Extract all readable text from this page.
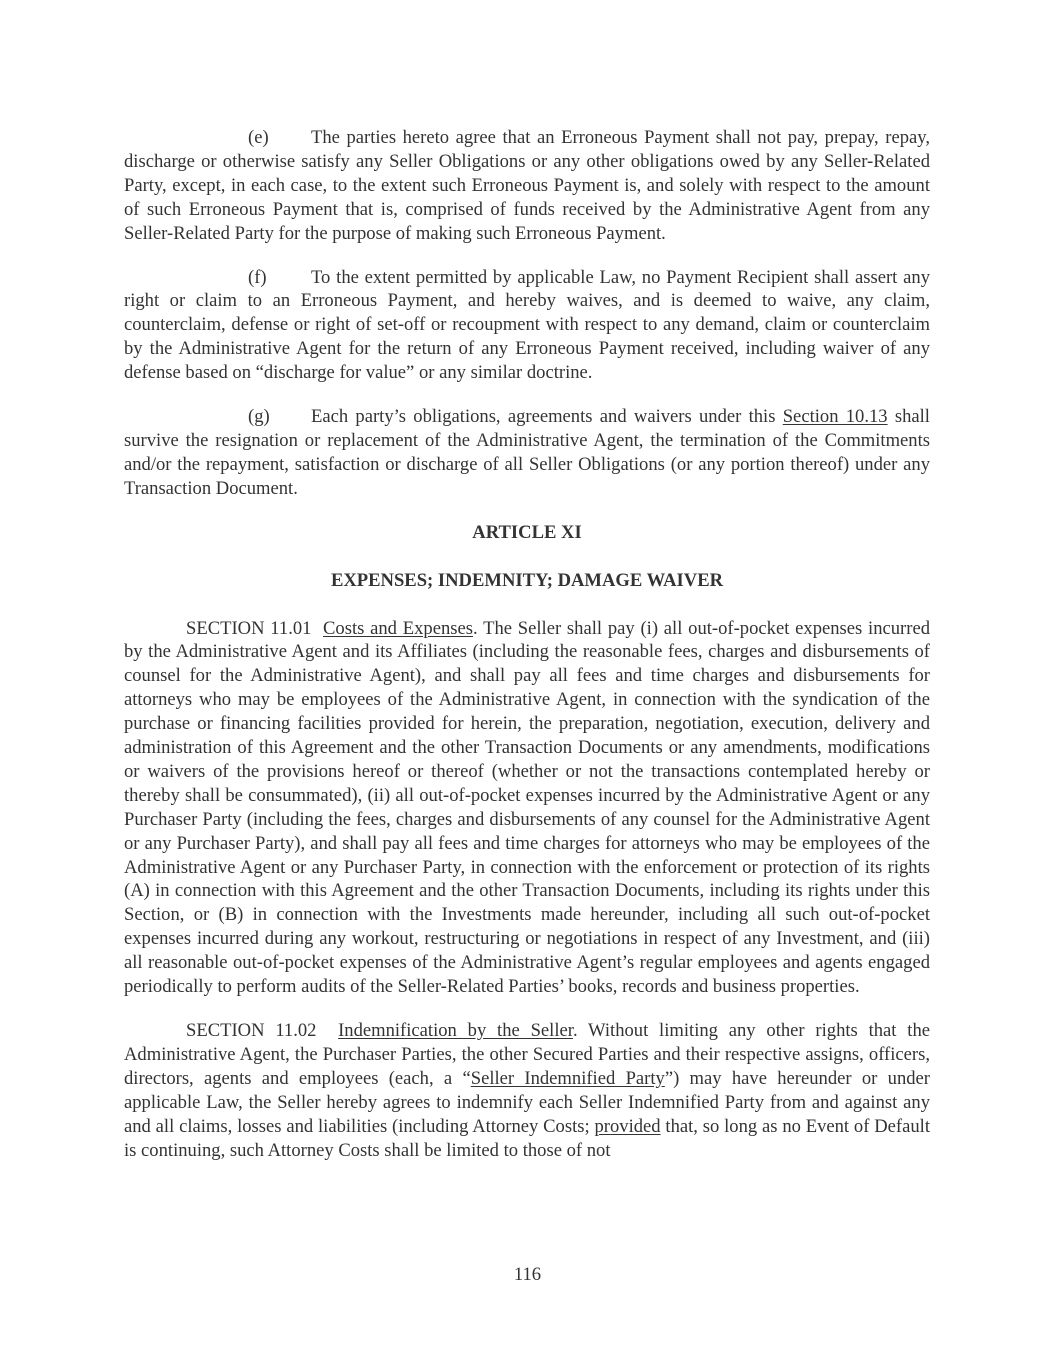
(e) The parties hereto agree that an Erroneous Payment shall not pay, prepay, repay, discharge or otherwise satisfy any Seller Obligations or any other obligations owed by any Seller-Related Party, except, in each case, to the extent such Erroneous Payment is, and solely with respect to the amount of such Erroneous Payment that is, comprised of funds received by the Administrative Agent from any Seller-Related Party for the purpose of making such Erroneous Payment.

(f) To the extent permitted by applicable Law, no Payment Recipient shall assert any right or claim to an Erroneous Payment, and hereby waives, and is deemed to waive, any claim, counterclaim, defense or right of set-off or recoupment with respect to any demand, claim or counterclaim by the Administrative Agent for the return of any Erroneous Payment received, including waiver of any defense based on “discharge for value” or any similar doctrine.

(g) Each party’s obligations, agreements and waivers under this Section 10.13 shall survive the resignation or replacement of the Administrative Agent, the termination of the Commitments and/or the repayment, satisfaction or discharge of all Seller Obligations (or any portion thereof) under any Transaction Document.

ARTICLE XI
EXPENSES; INDEMNITY; DAMAGE WAIVER

SECTION 11.01 Costs and Expenses. The Seller shall pay (i) all out-of-pocket expenses incurred by the Administrative Agent and its Affiliates (including the reasonable fees, charges and disbursements of counsel for the Administrative Agent), and shall pay all fees and time charges and disbursements for attorneys who may be employees of the Administrative Agent, in connection with the syndication of the purchase or financing facilities provided for herein, the preparation, negotiation, execution, delivery and administration of this Agreement and the other Transaction Documents or any amendments, modifications or waivers of the provisions hereof or thereof (whether or not the transactions contemplated hereby or thereby shall be consummated), (ii) all out-of-pocket expenses incurred by the Administrative Agent or any Purchaser Party (including the fees, charges and disbursements of any counsel for the Administrative Agent or any Purchaser Party), and shall pay all fees and time charges for attorneys who may be employees of the Administrative Agent or any Purchaser Party, in connection with the enforcement or protection of its rights (A) in connection with this Agreement and the other Transaction Documents, including its rights under this Section, or (B) in connection with the Investments made hereunder, including all such out-of-pocket expenses incurred during any workout, restructuring or negotiations in respect of any Investment, and (iii) all reasonable out-of-pocket expenses of the Administrative Agent’s regular employees and agents engaged periodically to perform audits of the Seller-Related Parties’ books, records and business properties.

SECTION 11.02 Indemnification by the Seller. Without limiting any other rights that the Administrative Agent, the Purchaser Parties, the other Secured Parties and their respective assigns, officers, directors, agents and employees (each, a “Seller Indemnified Party”) may have hereunder or under applicable Law, the Seller hereby agrees to indemnify each Seller Indemnified Party from and against any and all claims, losses and liabilities (including Attorney Costs; provided that, so long as no Event of Default is continuing, such Attorney Costs shall be limited to those of not

116
